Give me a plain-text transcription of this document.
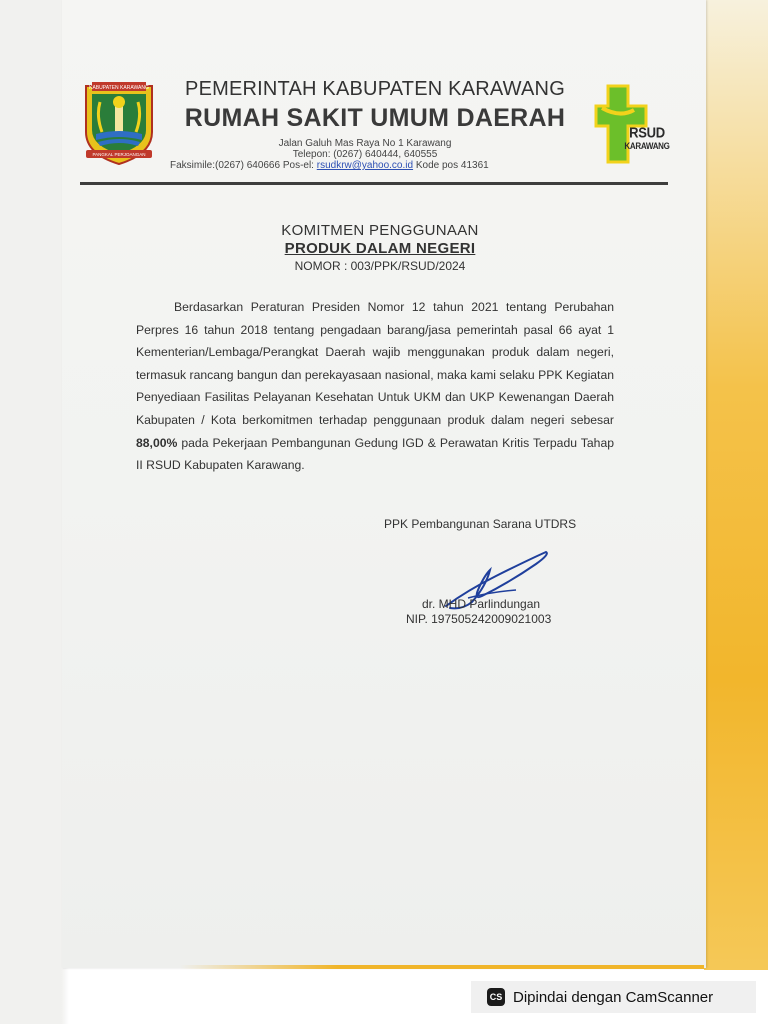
KABUPATEN KARAWANG
PANGKAL PERJOANGAN
PEMERINTAH KABUPATEN KARAWANG
RUMAH SAKIT UMUM DAERAH
Jalan Galuh Mas Raya No 1 Karawang
Telepon: (0267) 640444, 640555
Faksimile:(0267) 640666 Pos-el: rsudkrw@yahoo.co.id Kode pos 41361
RSUD
KARAWANG
KOMITMEN PENGGUNAAN
PRODUK DALAM NEGERI
NOMOR : 003/PPK/RSUD/2024
Berdasarkan Peraturan Presiden Nomor 12 tahun 2021 tentang Perubahan Perpres 16 tahun 2018 tentang pengadaan barang/jasa pemerintah pasal 66 ayat 1 Kementerian/Lembaga/Perangkat Daerah wajib menggunakan produk dalam negeri, termasuk rancang bangun dan perekayasaan nasional, maka kami selaku PPK Kegiatan Penyediaan Fasilitas Pelayanan Kesehatan Untuk UKM dan UKP Kewenangan Daerah Kabupaten / Kota berkomitmen terhadap penggunaan produk dalam negeri sebesar 88,00% pada Pekerjaan Pembangunan Gedung IGD & Perawatan Kritis Terpadu Tahap II RSUD Kabupaten Karawang.
PPK Pembangunan Sarana UTDRS
dr. MHD Parlindungan
NIP. 197505242009021003
CS Dipindai dengan CamScanner
